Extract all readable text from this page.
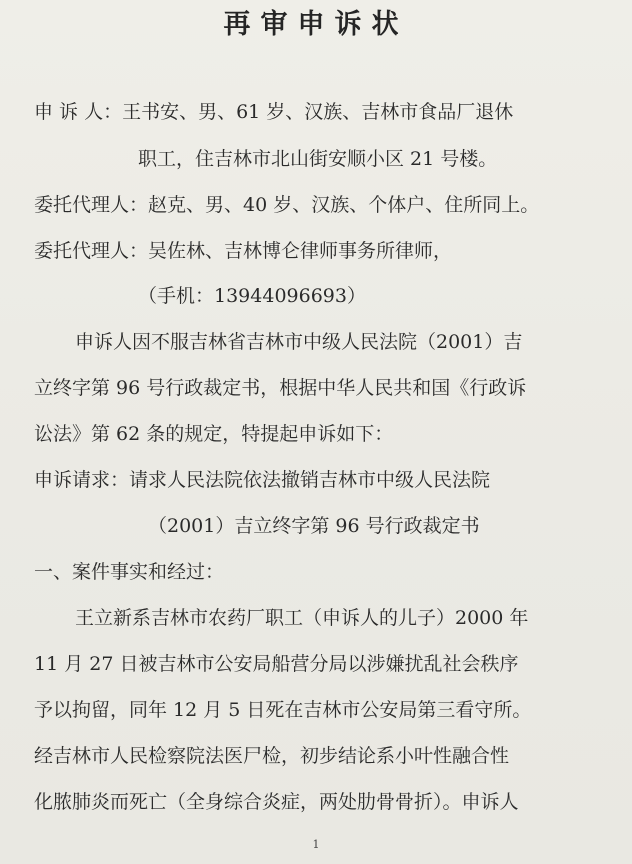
再审申诉状
申 诉 人：王书安、男、61 岁、汉族、吉林市食品厂退休
职工，住吉林市北山街安顺小区 21 号楼。
委托代理人：赵克、男、40 岁、汉族、个体户、住所同上。
委托代理人：吴佐林、吉林博仑律师事务所律师，
（手机：13944096693）
申诉人因不服吉林省吉林市中级人民法院（2001）吉
立终字第 96 号行政裁定书，根据中华人民共和国《行政诉
讼法》第 62 条的规定，特提起申诉如下：
申诉请求：请求人民法院依法撤销吉林市中级人民法院
（2001）吉立终字第 96 号行政裁定书
一、案件事实和经过：
王立新系吉林市农药厂职工（申诉人的儿子）2000 年
11 月 27 日被吉林市公安局船营分局以涉嫌扰乱社会秩序
予以拘留，同年 12 月 5 日死在吉林市公安局第三看守所。
经吉林市人民检察院法医尸检，初步结论系小叶性融合性
化脓肺炎而死亡（全身综合炎症，两处肋骨骨折）。申诉人
1
